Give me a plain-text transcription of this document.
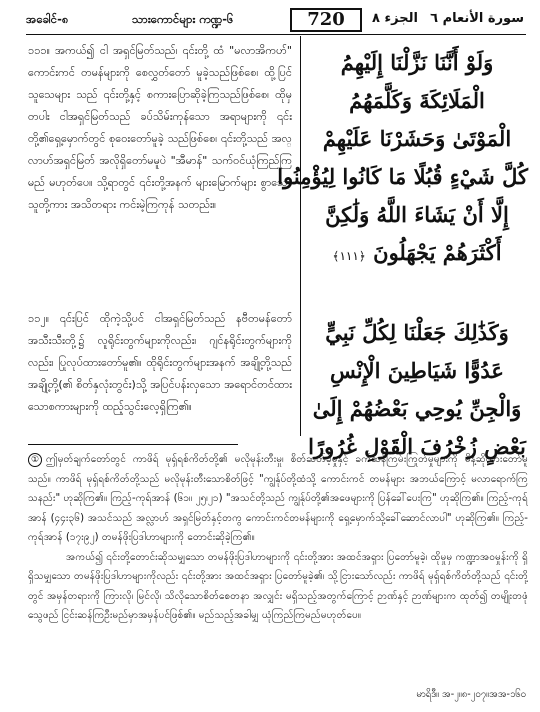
အခေါင်-၈	သားကောင်များ ကဏ္ဍ-၆	720	الجزء ٨ سورة الأنعام ٦

၁၁၁။ အကယ်၍ ငါ အရှင်မြတ်သည်၊ ၎င်းတို့ ထံ "မလာအိကဟ်" ကောင်းကင် တမန်များကို စေလွှတ်တော် မူခဲ့သည်ဖြစ်စေ၊ ထို့ပြင် သူသေများ သည် ၎င်းတို့နှင့် စကားပြောဆိုခဲ့ကြသည်ဖြစ်စေ၊ ထိုမှတပါး ငါအရှင်မြတ်သည် ခပ်သိမ်းကုန်သော အရာများကို ၎င်းတို့၏ရှေ့မှောက်တွင် စုဝေးတော်မူခဲ့ သည်ဖြစ်စေ၊ ၎င်းတို့သည် အလ္လာဟ်အရှင်မြတ် အလိုရှိတော်မမူပဲ "အီမာန်" သက်ဝင်ယုံကြည်ကြမည် မဟုတ်ပေ။ သို့ရာတွင် ၎င်းတို့အနက် များမြောက်များ စွာသော သူတို့ကား အသိတရား ကင်းမဲ့ကြကုန် သတည်း။

وَلَوْ أَنَّنَا نَزَّلْنَا إِلَيْهِمُ
الْمَلَائِكَةَ وَكَلَّمَهُمُ
الْمَوْتَىٰ وَحَشَرْنَا عَلَيْهِمْ
كُلَّ شَيْءٍ قُبُلًا مَا كَانُوا لِيُؤْمِنُوا
إِلَّا أَنْ يَشَاءَ اللَّهُ وَلَٰكِنَّ
أَكْثَرَهُمْ يَجْهَلُونَ ﴿١١١﴾

၁၁၂။ ၎င်းပြင် ထိုကဲ့သို့ပင် ငါအရှင်မြတ်သည် နဗီတမန်တော်အသီးသီးတို့၌ လူရိုင်းတွက်များကိုလည်း၊ ဂျင်နရိုင်းတွက်များကိုလည်း၊ ပြုလုပ်ထားတော်မူ၏။ ထိုရိုင်းတွက်များအနက် အချို့တို့သည် အချို့တို့(၏ စိတ်နှလုံးတွင်း)သို့ အပြင်ပန်းလှသော အရောင်တင်ထားသောစကားများကို ထည့်သွင်းလေ့ရှိကြ၏။

وَكَذَٰلِكَ جَعَلْنَا لِكُلِّ نَبِيٍّ
عَدُوًّا شَيَاطِينَ الْإِنْسِ
وَالْجِنِّ يُوحِي بَعْضُهُمْ إِلَىٰ
بَعْضٍ زُخْرُفَ الْقَوْلِ غُرُورًا

① ဤမှတ်ချက်တော်တွင် ကာဖိရ် မုရှ်ရစ်ကိတ်တို့၏ မလိုမုန်းတီးမှု၊ စိတ်ဆတ်ခဲ့မှုနှင့် ခက်ထန်ကြမ်းကြုတ်မှုများကို မိန့်ဆိုထားတော်မူသည်။ ကာဖိရ် မုရှ်ရစ်ကိတ်တို့သည် မလိုမုန်းတီးသောစိတ်ဖြင့် "ကျွန်ုပ်တို့ထံသို့ ကောင်းကင် တမန်များ အဘယ်ကြောင့် မလာရောက်ကြသနည်း" ဟုဆိုကြ၏။ ကြည့်-ကုရ်အာန် (၆၁၊၊ ၂၅၊၂၁) "အသင်တို့သည် ကျွန်ုပ်တို့၏အဖေများကို ပြန်ခေါ်ပေးကြ" ဟုဆိုကြ၏။ ကြည့်-ကုရ်အာန် (၄၄း၃၆) အသင်သည် အလ္လာဟ် အရှင်မြတ်နှင့်တကွ ကောင်းကင်တမန်များကို ရှေ့မှောက်သို့ခေါ်ဆောင်လာပါ" ဟုဆိုကြ၏။ ကြည့်-ကုရ်အာန် (၁၇း၉၂) တမန်ဖိုးပြဒါဟာများကို တောင်းဆိုခဲ့ကြ၏။

အကယ်၍ ၎င်းတို့တောင်းဆိုသမျှသော တမန်ဖိုးပြဒါဟာများကို ၎င်းတို့အား အထင်အရှား ပြတော်မူခဲ့၊ ထိုမှုမှ ကဏ္ဍာအဝမှုန်းကို ရှိရှိသမျှသော တမန်ဖိုးပြဒါဟာများကိုလည်း ၎င်းတို့အား အထင်အရှား ပြတော်မူခဲ့၏၊ သို့ငြားသော်လည်း ကာဖိရ် မုရှ်ရစ်ကိတ်တို့သည် ၎င်းတို့တွင် အမှန်တရားကို ကြားလို၊ မြင်လို၊ သိလိုသောစိတ်စေတနာ အလျှင်း မရှိသည့်အတွက်ကြောင့် ဉာဏ်နှင့် ဉာဏ်များက ထုတ်၍ တမျိုးတဖုံ သွေဖည် ငြင်းဆန်ကြဦးမည်မှာအမှန်ပင်ဖြစ်၏။ မည်သည့်အခါမျှ ယုံကြည်ကြမည်မဟုတ်ပေ။

မာရိဒီ။ အ-၂၊၊၈-၂၀၇၊၊အအ-၁၆၀
